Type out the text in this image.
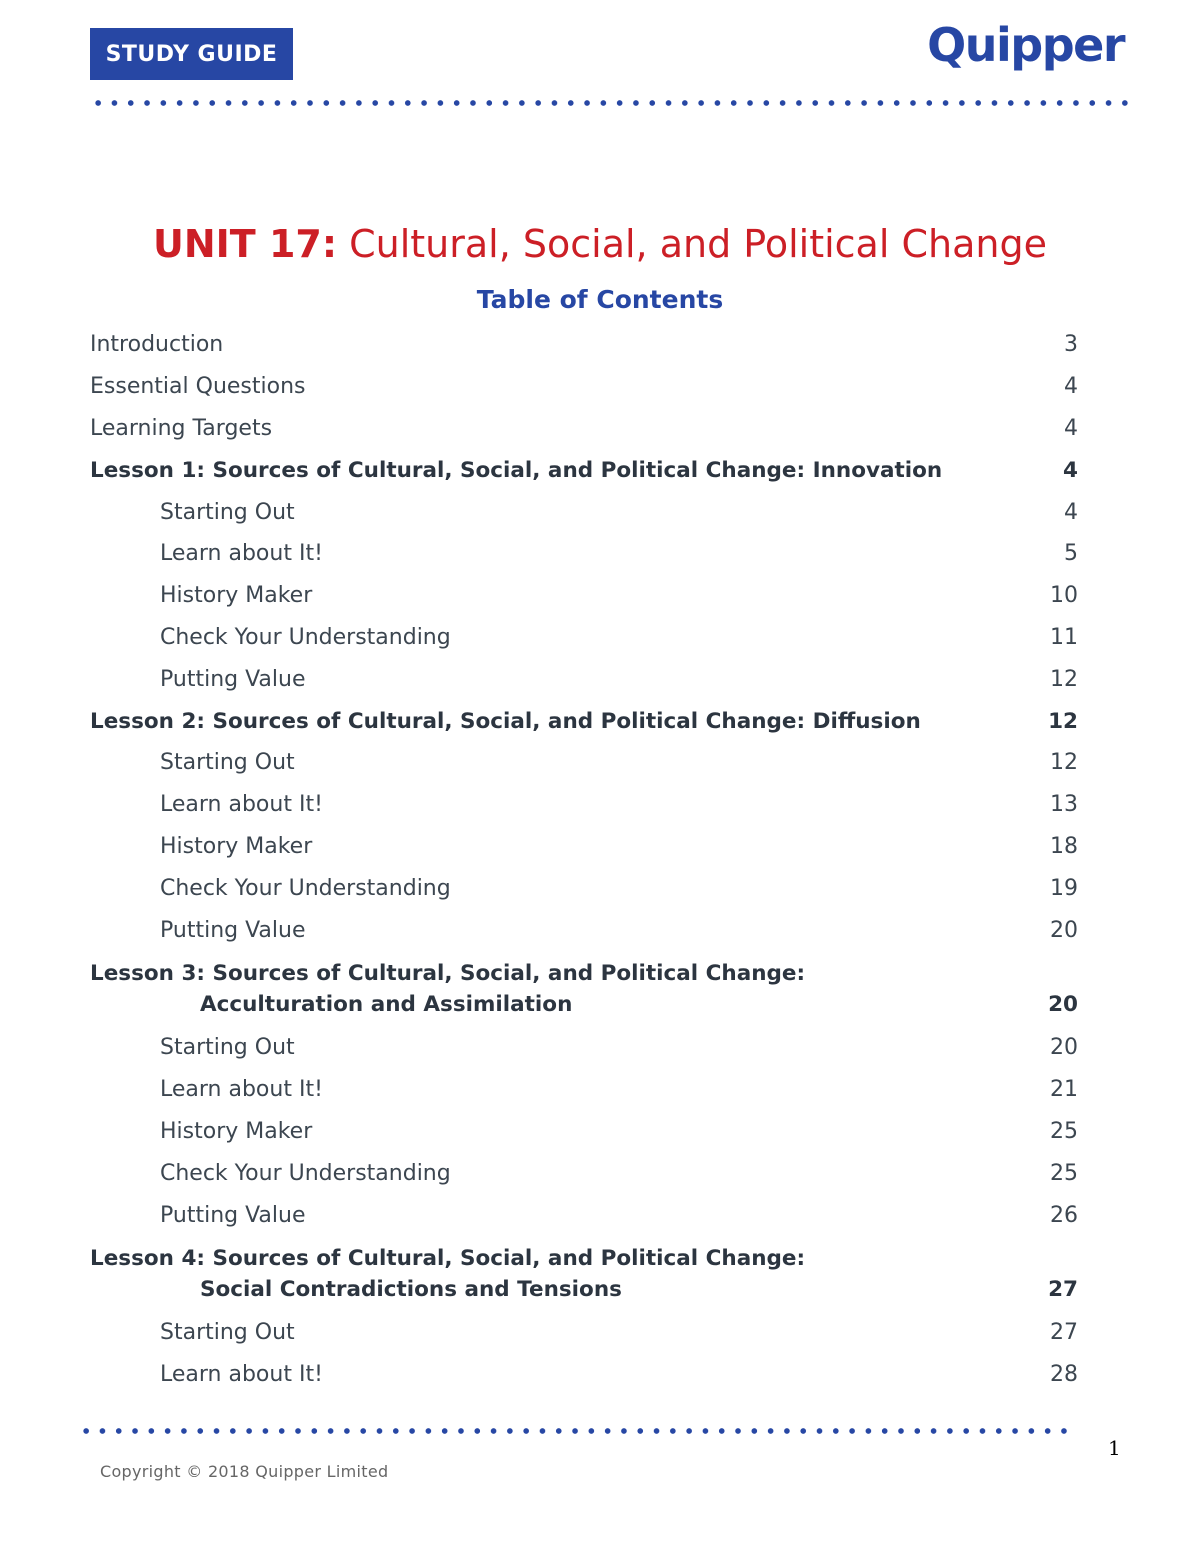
STUDY GUIDE	Quipper
UNIT 17: Cultural, Social, and Political Change
Table of Contents
Introduction	3
Essential Questions	4
Learning Targets	4
Lesson 1: Sources of Cultural, Social, and Political Change: Innovation	4
Starting Out	4
Learn about It!	5
History Maker	10
Check Your Understanding	11
Putting Value	12
Lesson 2: Sources of Cultural, Social, and Political Change: Diffusion	12
Starting Out	12
Learn about It!	13
History Maker	18
Check Your Understanding	19
Putting Value	20
Lesson 3: Sources of Cultural, Social, and Political Change:
Acculturation and Assimilation	20
Starting Out	20
Learn about It!	21
History Maker	25
Check Your Understanding	25
Putting Value	26
Lesson 4: Sources of Cultural, Social, and Political Change:
Social Contradictions and Tensions	27
Starting Out	27
Learn about It!	28
1
Copyright © 2018 Quipper Limited
